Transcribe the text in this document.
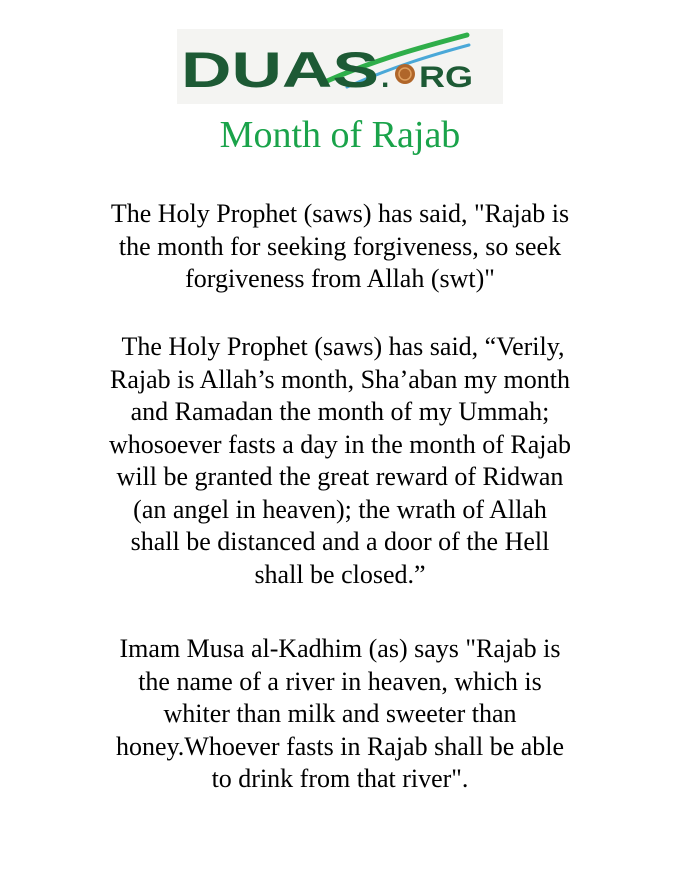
DUAS . RG
Month of Rajab

The Holy Prophet (saws) has said, "Rajab is
the month for seeking forgiveness, so seek
forgiveness from Allah (swt)"

The Holy Prophet (saws) has said, “Verily,
Rajab is Allah’s month, Sha’aban my month
and Ramadan the month of my Ummah;
whosoever fasts a day in the month of Rajab
will be granted the great reward of Ridwan
(an angel in heaven); the wrath of Allah
shall be distanced and a door of the Hell
shall be closed.”

Imam Musa al-Kadhim (as) says "Rajab is
the name of a river in heaven, which is
whiter than milk and sweeter than
honey.Whoever fasts in Rajab shall be able
to drink from that river".
